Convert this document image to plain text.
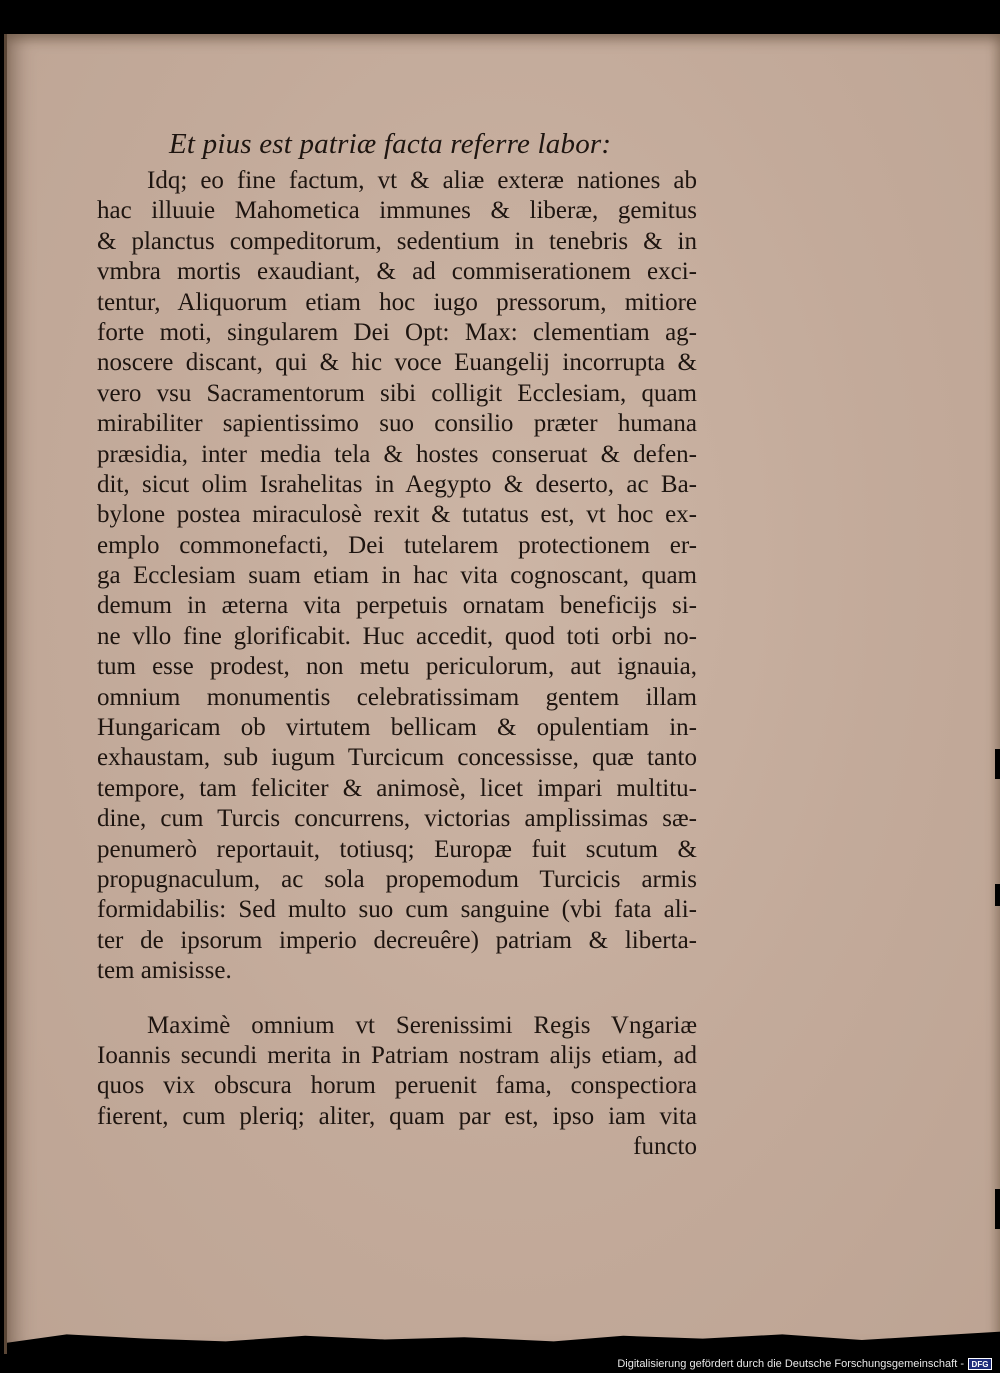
Et pius est patriæ facta referre labor:
Idq; eo fine factum, vt & aliæ exteræ nationes ab
hac illuuie Mahometica immunes & liberæ, gemitus
& planctus compeditorum, sedentium in tenebris & in
vmbra mortis exaudiant, & ad commiserationem exci-
tentur, Aliquorum etiam hoc iugo pressorum, mitiore
forte moti, singularem Dei Opt: Max: clementiam ag-
noscere discant, qui & hic voce Euangelij incorrupta &
vero vsu Sacramentorum sibi colligit Ecclesiam, quam
mirabiliter sapientissimo suo consilio præter humana
præsidia, inter media tela & hostes conseruat & defen-
dit, sicut olim Israhelitas in Aegypto & deserto, ac Ba-
bylone postea miraculosè rexit & tutatus est, vt hoc ex-
emplo commonefacti, Dei tutelarem protectionem er-
ga Ecclesiam suam etiam in hac vita cognoscant, quam
demum in æterna vita perpetuis ornatam beneficijs si-
ne vllo fine glorificabit. Huc accedit, quod toti orbi no-
tum esse prodest, non metu periculorum, aut ignauia,
omnium monumentis celebratissimam gentem illam
Hungaricam ob virtutem bellicam & opulentiam in-
exhaustam, sub iugum Turcicum concessisse, quæ tanto
tempore, tam feliciter & animosè, licet impari multitu-
dine, cum Turcis concurrens, victorias amplissimas sæ-
penumerò reportauit, totiusq; Europæ fuit scutum &
propugnaculum, ac sola propemodum Turcicis armis
formidabilis: Sed multo suo cum sanguine (vbi fata ali-
ter de ipsorum imperio decreuêre) patriam & liberta-
tem amisisse.
Maximè omnium vt Serenissimi Regis Vngariæ
Ioannis secundi merita in Patriam nostram alijs etiam, ad
quos vix obscura horum peruenit fama, conspectiora
fierent, cum pleriq; aliter, quam par est, ipso iam vita
functo
Digitalisierung gefördert durch die Deutsche Forschungsgemeinschaft - DFG
